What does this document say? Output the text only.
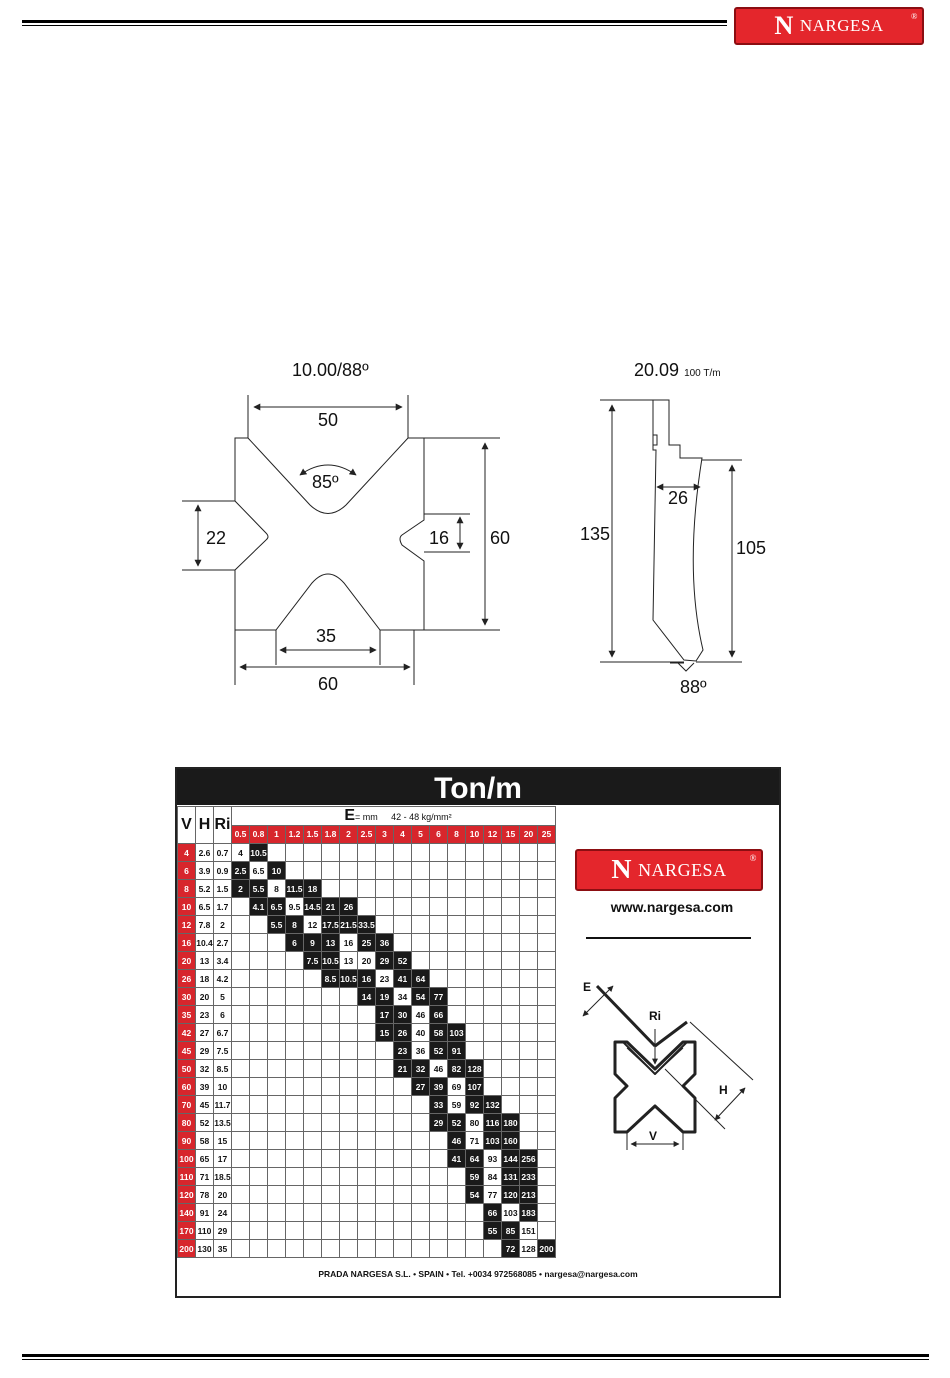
N NARGESA	®
10.00/88º
50
85º
22	16 60
35
60
20.09 100 T/m
26
135
105
88º
Ton/m
E= mm 42 - 48 kg/mm²
V	H	Ri																		
			0.5	0.8	1	1.2	1.5	1.8	2	2.5	3	4	5	6	8	10	12	15	20	25
4	2.6	0.7	4	10.5																
6	3.9	0.9	2.5	6.5	10															
8	5.2	1.5	2	5.5	8	11.5	18													
10	6.5	1.7		4.1	6.5	9.5	14.5	21	26											
12	7.8	2			5.5	8	12	17.5	21.5	33.5										
16	10.4	2.7				6	9	13	16	25	36									
20	13	3.4					7.5	10.5	13	20	29	52								
26	18	4.2						8.5	10.5	16	23	41	64							
30	20	5								14	19	34	54	77						
35	23	6									17	30	46	66						
42	27	6.7									15	26	40	58	103					
45	29	7.5										23	36	52	91					
50	32	8.5										21	32	46	82	128				
60	39	10											27	39	69	107				
70	45	11.7												33	59	92	132			
80	52	13.5												29	52	80	116	180		
90	58	15													46	71	103	160		
100	65	17													41	64	93	144	256	
110	71	18.5														59	84	131	233	
120	78	20														54	77	120	213	
140	91	24															66	103	183	
170	110	29															55	85	151	
200	130	35																72	128	200
N NARGESA
®
www.nargesa.com
E
Ri
H
V
PRADA NARGESA S.L. • SPAIN • Tel. +0034 972568085 • nargesa@nargesa.com
